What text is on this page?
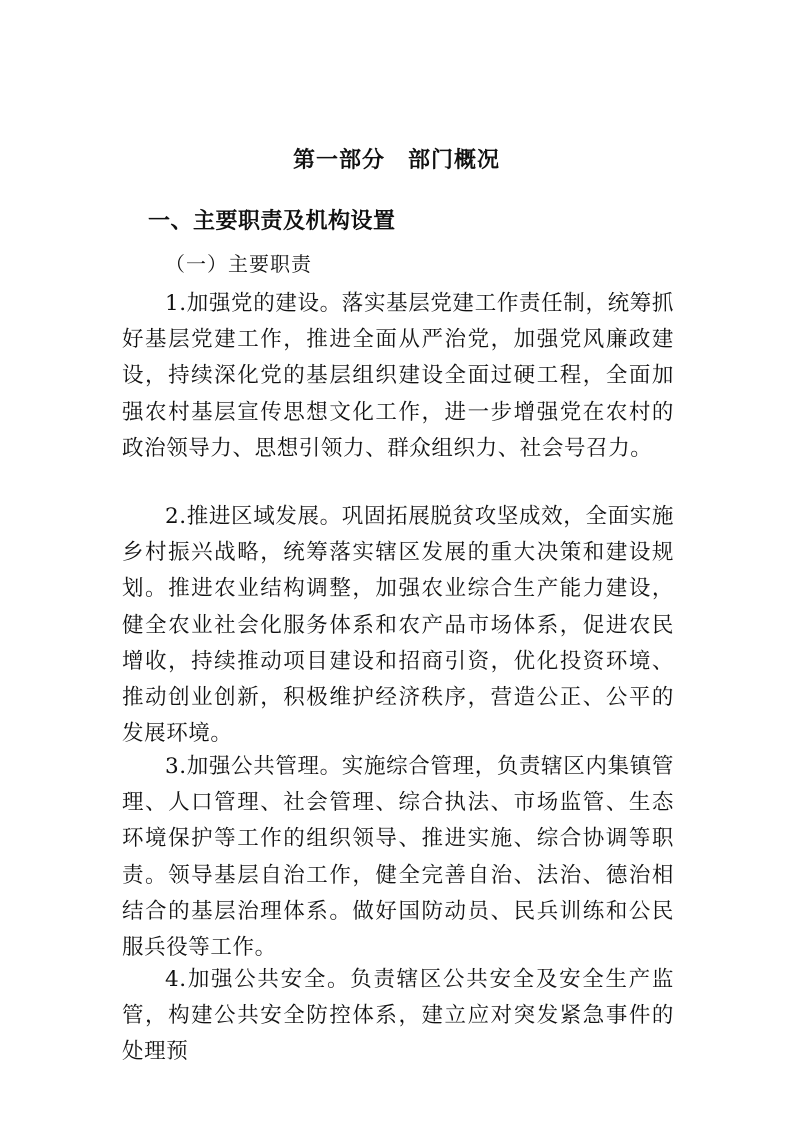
第一部分　部门概况
一、主要职责及机构设置
（一）主要职责
1.加强党的建设。落实基层党建工作责任制，统筹抓好基层党建工作，推进全面从严治党，加强党风廉政建设，持续深化党的基层组织建设全面过硬工程，全面加强农村基层宣传思想文化工作，进一步增强党在农村的政治领导力、思想引领力、群众组织力、社会号召力。
2.推进区域发展。巩固拓展脱贫攻坚成效，全面实施乡村振兴战略，统筹落实辖区发展的重大决策和建设规划。推进农业结构调整，加强农业综合生产能力建设，健全农业社会化服务体系和农产品市场体系，促进农民增收，持续推动项目建设和招商引资，优化投资环境、推动创业创新，积极维护经济秩序，营造公正、公平的发展环境。
3.加强公共管理。实施综合管理，负责辖区内集镇管理、人口管理、社会管理、综合执法、市场监管、生态环境保护等工作的组织领导、推进实施、综合协调等职责。领导基层自治工作，健全完善自治、法治、德治相结合的基层治理体系。做好国防动员、民兵训练和公民服兵役等工作。
4.加强公共安全。负责辖区公共安全及安全生产监管，构建公共安全防控体系，建立应对突发紧急事件的处理预
